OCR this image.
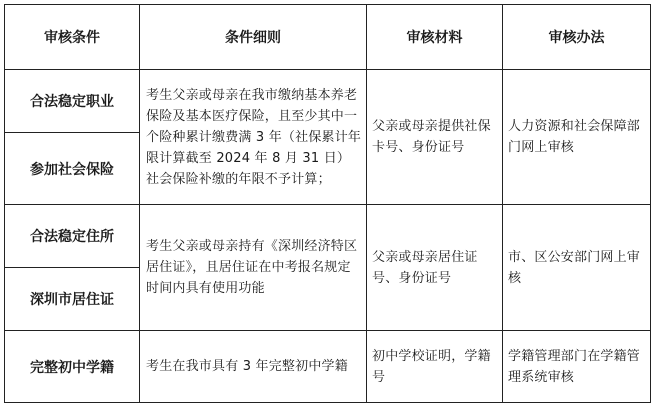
审核条件	条件细则	审核材料	审核办法
合法稳定职业	考生父亲或母亲在我市缴纳基本养老保险及基本医疗保险，且至少其中一个险种累计缴费满 3 年（社保累计年限计算截至 2024 年 8 月 31 日）社会保险补缴的年限不予计算；	父亲或母亲提供社保卡号、身份证号	人力资源和社会保障部门网上审核
参加社会保险			
合法稳定住所	考生父亲或母亲持有《深圳经济特区居住证》，且居住证在中考报名规定时间内具有使用功能	父亲或母亲居住证号、身份证号	市、区公安部门网上审核
深圳市居住证			
完整初中学籍	考生在我市具有 3 年完整初中学籍	初中学校证明，学籍号	学籍管理部门在学籍管理系统审核
